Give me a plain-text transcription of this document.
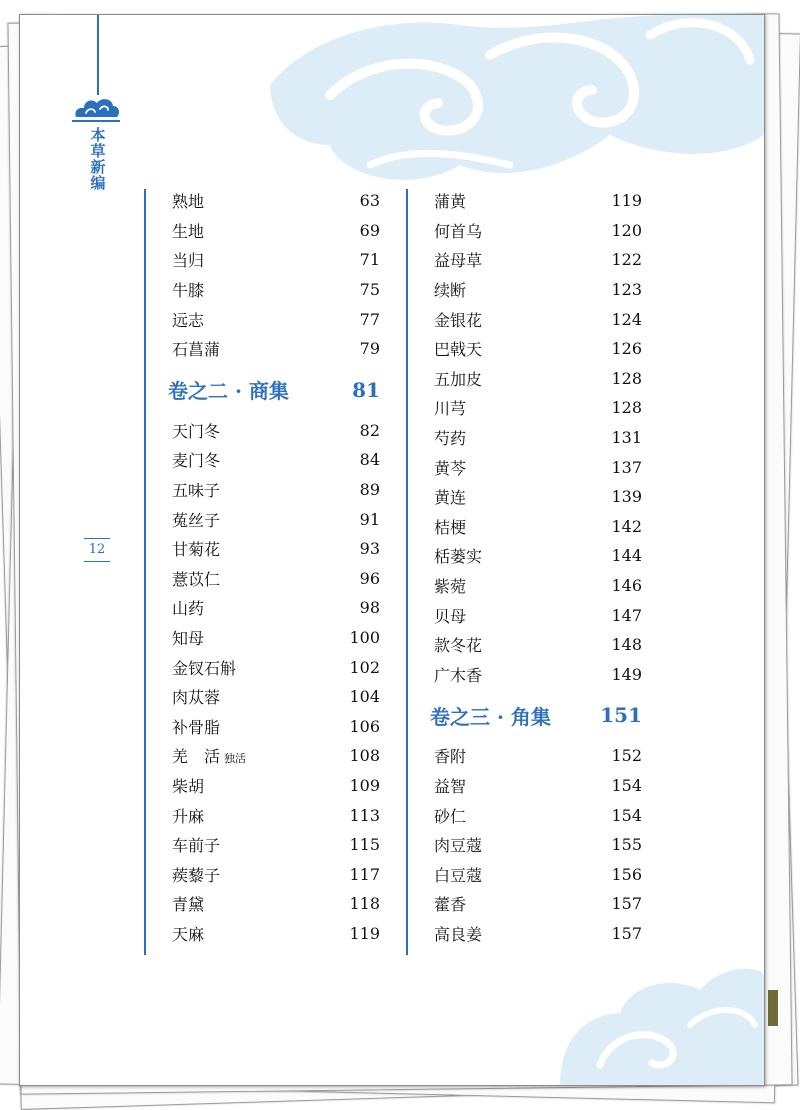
本草新编
12
熟地	63
生地	69
当归	71
牛膝	75
远志	77
石菖蒲	79
卷之二 · 商集	81
天门冬	82
麦门冬	84
五味子	89
菟丝子	91
甘菊花	93
薏苡仁	96
山药	98
知母	100
金钗石斛	102
肉苁蓉	104
补骨脂	106
羌　活 独活	108
柴胡	109
升麻	113
车前子	115
蒺藜子	117
青黛	118
天麻	119
蒲黄	119
何首乌	120
益母草	122
续断	123
金银花	124
巴戟天	126
五加皮	128
川芎	128
芍药	131
黄芩	137
黄连	139
桔梗	142
栝蒌实	144
紫菀	146
贝母	147
款冬花	148
广木香	149
卷之三 · 角集 151
香附	152
益智	154
砂仁	154
肉豆蔻	155
白豆蔻	156
藿香	157
高良姜	157
